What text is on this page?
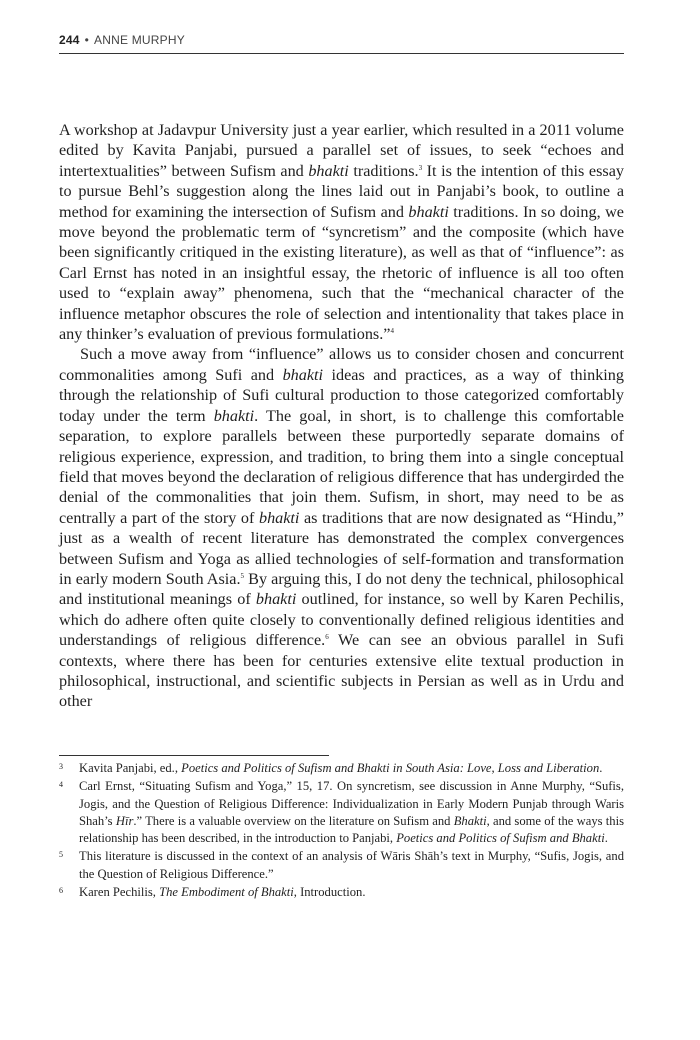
244 • ANNE MURPHY

A workshop at Jadavpur University just a year earlier, which resulted in a 2011 volume edited by Kavita Panjabi, pursued a parallel set of issues, to seek “echoes and intertextualities” between Sufism and bhakti traditions.$^3$ It is the intention of this essay to pursue Behl’s suggestion along the lines laid out in Panjabi’s book, to outline a method for examining the intersection of Sufism and bhakti traditions. In so doing, we move beyond the problematic term of “syncretism” and the composite (which have been significantly critiqued in the existing literature), as well as that of “influence”: as Carl Ernst has noted in an insightful essay, the rhetoric of influence is all too often used to “explain away” phenomena, such that the “mechanical character of the influence metaphor obscures the role of selection and intentionality that takes place in any thinker’s evaluation of previous formulations.”$^4$

Such a move away from “influence” allows us to consider chosen and concurrent commonalities among Sufi and bhakti ideas and practices, as a way of thinking through the relationship of Sufi cultural production to those categorized comfortably today under the term bhakti. The goal, in short, is to challenge this comfortable separation, to explore parallels between these purportedly separate domains of religious experience, expression, and tradition, to bring them into a single conceptual field that moves beyond the declaration of religious difference that has undergirded the denial of the commonalities that join them. Sufism, in short, may need to be as centrally a part of the story of bhakti as traditions that are now designated as “Hindu,” just as a wealth of recent literature has demonstrated the complex convergences between Sufism and Yoga as allied technologies of self-formation and transformation in early modern South Asia.$^5$ By arguing this, I do not deny the technical, philosophical and institutional meanings of bhakti outlined, for instance, so well by Karen Pechilis, which do adhere often quite closely to conventionally defined religious identities and understandings of religious difference.$^6$ We can see an obvious parallel in Sufi contexts, where there has been for centuries extensive elite textual production in philosophical, instructional, and scientific subjects in Persian as well as in Urdu and other

3 Kavita Panjabi, ed., Poetics and Politics of Sufism and Bhakti in South Asia: Love, Loss and Liberation.
4 Carl Ernst, “Situating Sufism and Yoga,” 15, 17. On syncretism, see discussion in Anne Murphy, “Sufis, Jogis, and the Question of Religious Difference: Individualization in Early Modern Punjab through Waris Shah’s Hīr.” There is a valuable overview on the literature on Sufism and Bhakti, and some of the ways this relationship has been described, in the introduction to Panjabi, Poetics and Politics of Sufism and Bhakti.
5 This literature is discussed in the context of an analysis of Wāris Shāh’s text in Murphy, “Sufis, Jogis, and the Question of Religious Difference.”
6 Karen Pechilis, The Embodiment of Bhakti, Introduction.
